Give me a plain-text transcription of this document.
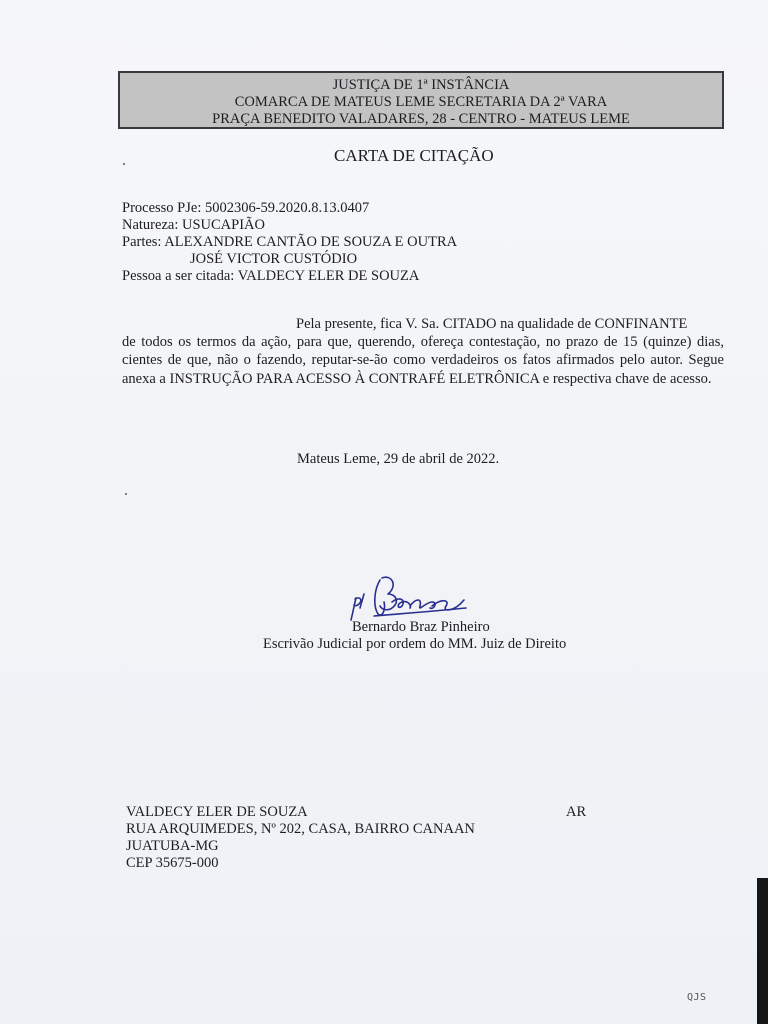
JUSTIÇA DE 1ª INSTÂNCIA
COMARCA DE MATEUS LEME SECRETARIA DA 2ª VARA
PRAÇA BENEDITO VALADARES, 28 - CENTRO - MATEUS LEME
CARTA DE CITAÇÃO
Processo PJe: 5002306-59.2020.8.13.0407
Natureza: USUCAPIÃO
Partes: ALEXANDRE CANTÃO DE SOUZA E OUTRA
JOSÉ VICTOR CUSTÓDIO
Pessoa a ser citada: VALDECY ELER DE SOUZA
Pela presente, fica V. Sa. CITADO na qualidade de CONFINANTE
de todos os termos da ação, para que, querendo, ofereça contestação, no prazo de 15 (quinze) dias, cientes de que, não o fazendo, reputar-se-ão como verdadeiros os fatos afirmados pelo autor. Segue anexa a INSTRUÇÃO PARA ACESSO À CONTRAFÉ ELETRÔNICA e respectiva chave de acesso.
Mateus Leme, 29 de abril de 2022.
Bernardo Braz Pinheiro
Escrivão Judicial por ordem do MM. Juiz de Direito
VALDECY ELER DE SOUZA
RUA ARQUIMEDES, Nº 202, CASA, BAIRRO CANAAN
JUATUBA-MG
CEP 35675-000
AR
QJS
